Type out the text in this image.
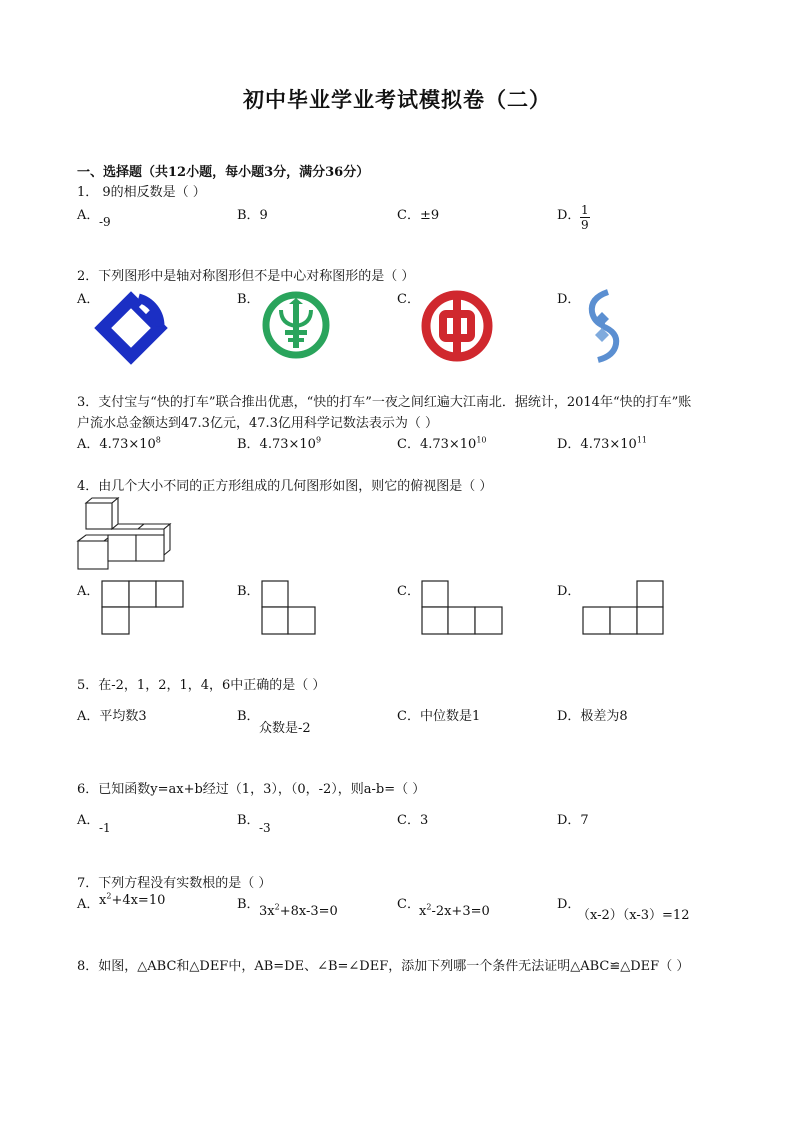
初中毕业学业考试模拟卷（二）
一、选择题（共12小题，每小题3分，满分36分）
1． 9的相反数是（ ）
A． -9	B．9	C．±9	D． $\frac{1}{9}$
2．下列图形中是轴对称图形但不是中心对称图形的是（ ）
A．	B．	C．	D．
3．支付宝与“快的打车”联合推出优惠，“快的打车”一夜之间红遍大江南北．据统计，2014年“快的打车”账
户流水总金额达到47.3亿元，47.3亿用科学记数法表示为（ ）
A．$4.73\times 10^8$	B．$4.73\times 10^9$	C．$4.73\times 10^{10}$	D．$4.73\times 10^{11}$
4．由几个大小不同的正方形组成的几何图形如图，则它的俯视图是（ ）
A．	B．	C．	D．
5．在-2，1，2，1，4，6中正确的是（ ）
A．平均数3	B．
众数是-2
C．中位数是1	D．极差为8
6．已知函数y=ax+b经过（1，3），（0，-2），则a-b=（ ）
A． -1	B． -3	C．3	D．7
7．下列方程没有实数根的是（ ）
A． $x^2+4x=10$	B． $3x^2+8x-3=0$	C． $x^2-2x+3=0$	D．
（x-2）（x-3）=12
8．如图，△ABC和△DEF中，AB=DE、∠B=∠DEF，添加下列哪一个条件无法证明△ABC≌△DEF（ ）
